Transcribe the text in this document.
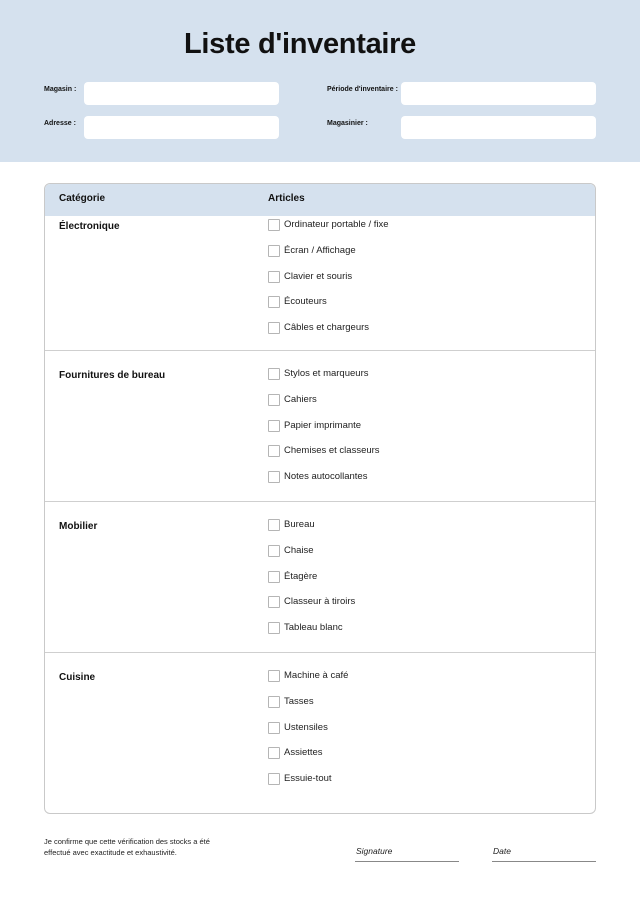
Liste d'inventaire
Magasin :
Adresse :
Période d'inventaire :
Magasinier :
Catégorie	Articles
Électronique	Ordinateur portable / fixe
Écran / Affichage
Clavier et souris
Écouteurs
Câbles et chargeurs
Fournitures de bureau	Stylos et marqueurs
Cahiers
Papier imprimante
Chemises et classeurs
Notes autocollantes
Mobilier	Bureau
Chaise
Étagère
Classeur à tiroirs
Tableau blanc
Cuisine	Machine à café
Tasses
Ustensiles
Assiettes
Essuie-tout
Je confirme que cette vérification des stocks a été effectué avec exactitude et exhaustivité.	Signature	Date
